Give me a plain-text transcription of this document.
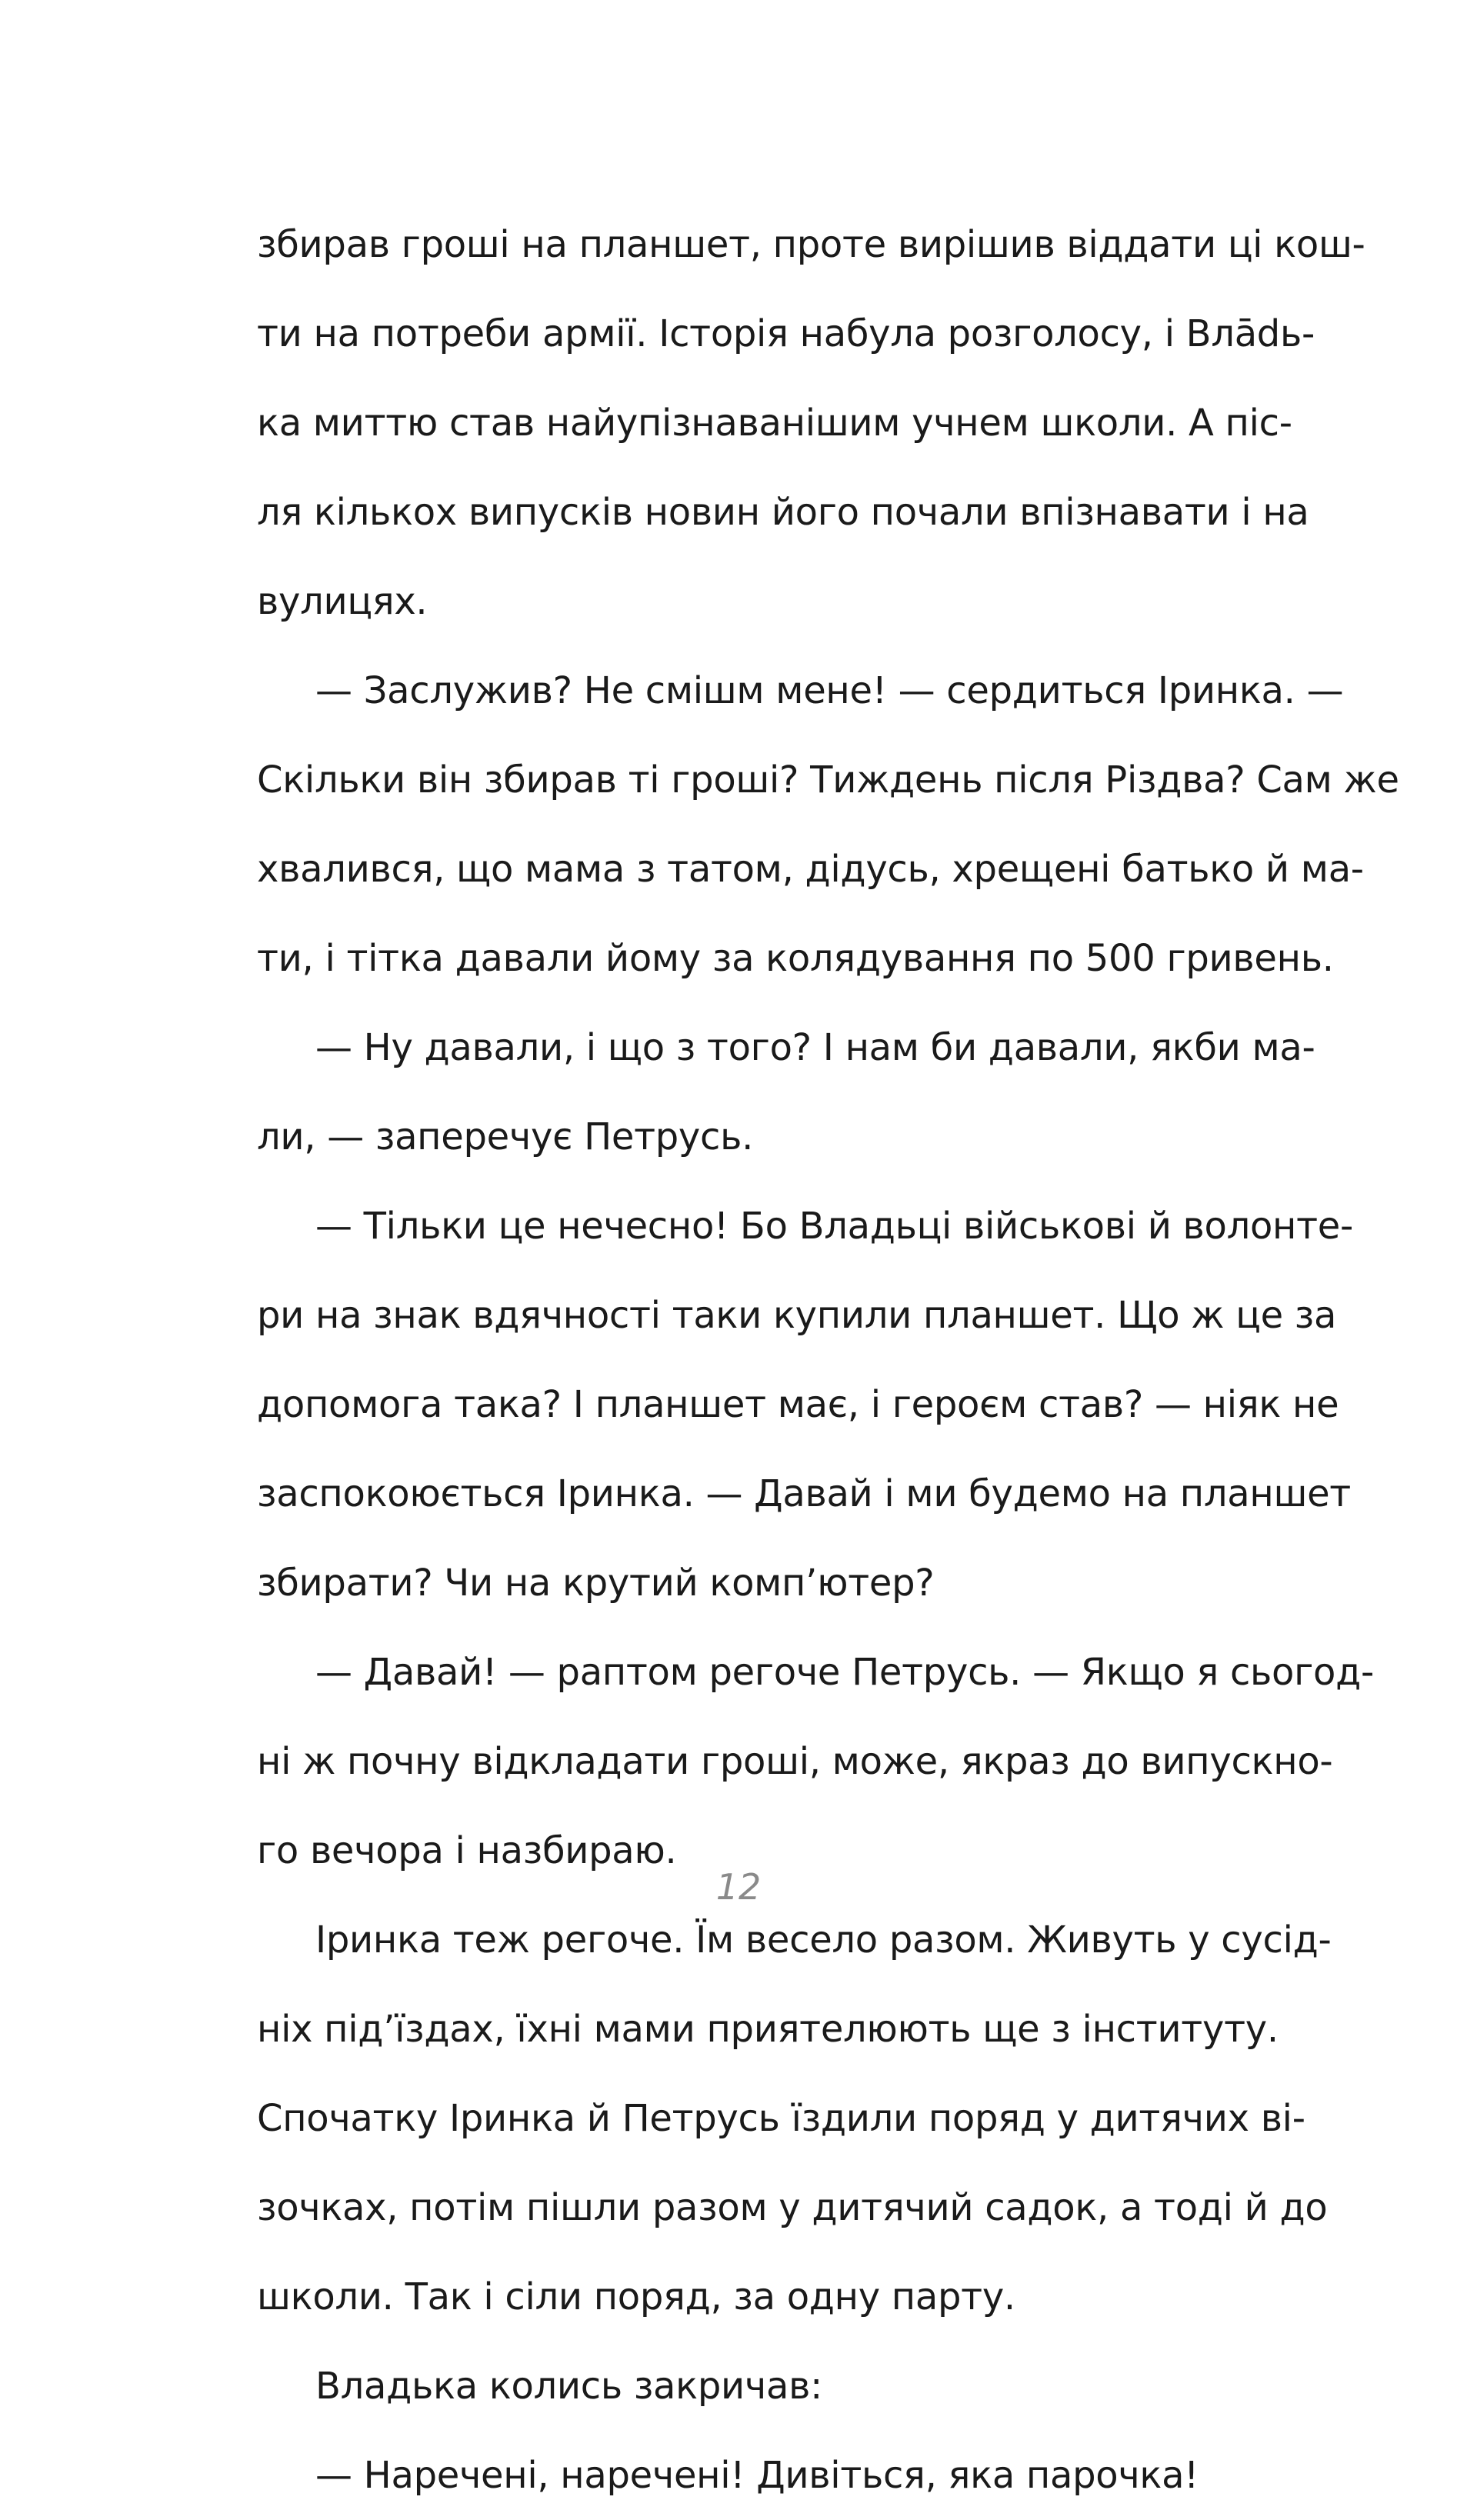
збирав гроші на планшет, проте вирішив віддати ці кош-
ти на потреби армії. Історія набула розголосу, і Влādь-
ка миттю став найупізнаванішим учнем школи. А піс-
ля кількох випусків новин його почали впізнавати і на
вулицях.
— Заслужив? Не смішм мене! — сердиться Іринка. —
Скільки він збирав ті гроші? Тиждень після Різдва? Сам же
хвалився, що мама з татом, дідусь, хрещені батько й ма-
ти, і тітка давали йому за колядування по 500 гривень.
— Ну давали, і що з того? І нам би давали, якби ма-
ли, — заперечує Петрусь.
— Тільки це нечесно! Бо Владьці військові й волонте-
ри на знак вдячності таки купили планшет. Що ж це за
допомога така? І планшет має, і героєм став? — ніяк не
заспокоюється Іринка. — Давай і ми будемо на планшет
збирати? Чи на крутий комп’ютер?
— Давай! — раптом регоче Петрусь. — Якщо я сьогод-
ні ж почну відкладати гроші, може, якраз до випускно-
го вечора і назбираю.
Іринка теж регоче. Їм весело разом. Живуть у сусід-
ніх під’їздах, їхні мами приятелюють ще з інституту.
Спочатку Іринка й Петрусь їздили поряд у дитячих ві-
зочках, потім пішли разом у дитячий садок, а тоді й до
школи. Так і сіли поряд, за одну парту.
Владька колись закричав:
— Наречені, наречені! Дивіться, яка парочка!
12
